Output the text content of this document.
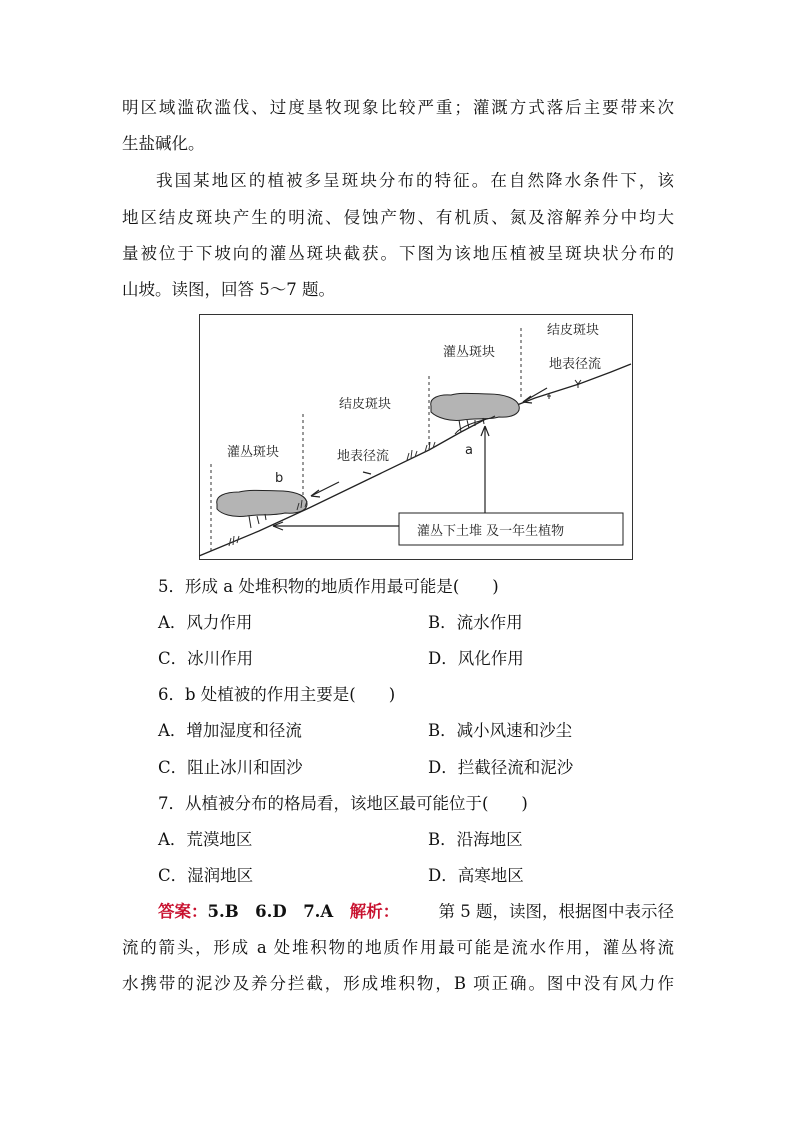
明区域滥砍滥伐、过度垦牧现象比较严重；灌溉方式落后主要带来次
生盐碱化。
我国某地区的植被多呈斑块分布的特征。在自然降水条件下，该
地区结皮斑块产生的明流、侵蚀产物、有机质、氮及溶解养分中均大
量被位于下坡向的灌丛斑块截获。下图为该地压植被呈斑块状分布的
山坡。读图，回答 5～7 题。
结皮斑块
灌丛斑块
地表径流
结皮斑块
灌丛斑块	地表径流	a
b
灌丛下土堆 及一年生植物
5．形成 a 处堆积物的地质作用最可能是(　　)
A．风力作用	B．流水作用
C．冰川作用	D．风化作用
6．b 处植被的作用主要是(　　)
A．增加湿度和径流	B．减小风速和沙尘
C．阻止冰川和固沙	D．拦截径流和泥沙
7．从植被分布的格局看，该地区最可能位于(　　)
A．荒漠地区	B．沿海地区
C．湿润地区	D．高寒地区
答案：5.B　6.D　7.A　 解析： 第 5 题，读图，根据图中表示径
流的箭头，形成 a 处堆积物的地质作用最可能是流水作用，灌丛将流
水携带的泥沙及养分拦截，形成堆积物，B 项正确。图中没有风力作
